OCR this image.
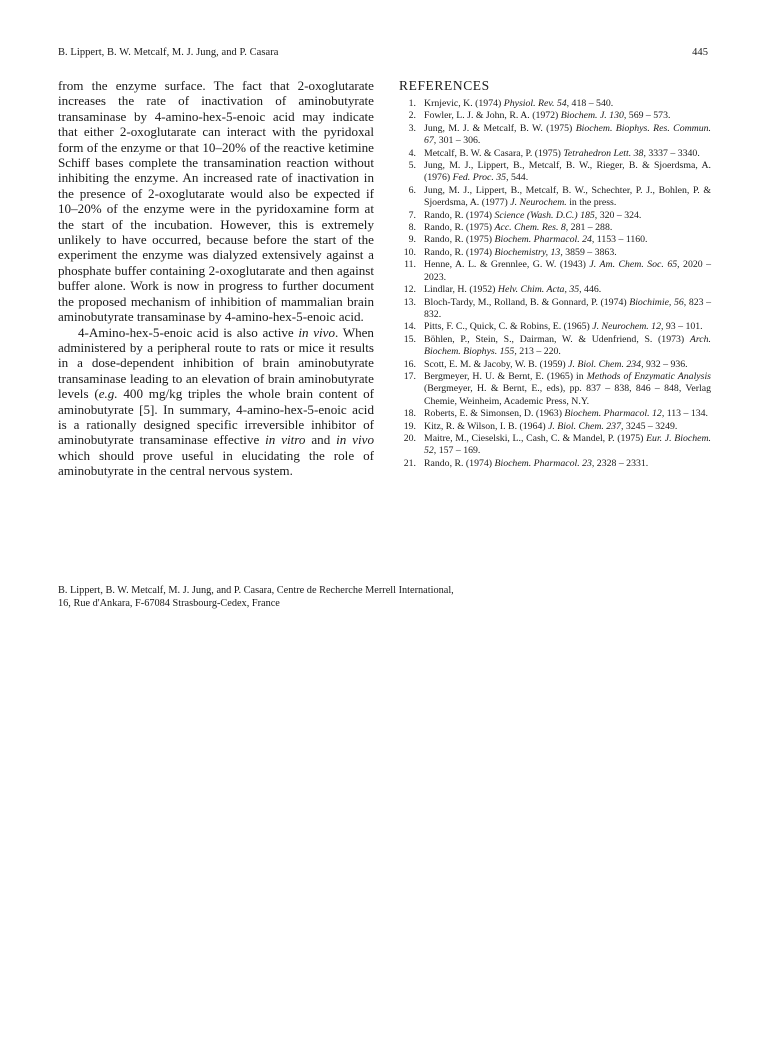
B. Lippert, B. W. Metcalf, M. J. Jung, and P. Casara	445

from the enzyme surface. The fact that 2-oxoglutarate increases the rate of inactivation of aminobutyrate transaminase by 4-amino-hex-5-enoic acid may indicate that either 2-oxoglutarate can interact with the pyridoxal form of the enzyme or that 10–20% of the reactive ketimine Schiff bases complete the transamination reaction without inhibiting the enzyme. An increased rate of inactivation in the presence of 2-oxoglutarate would also be expected if 10–20% of the enzyme were in the pyridoxamine form at the start of the incubation. However, this is extremely unlikely to have occurred, because before the start of the experiment the enzyme was dialyzed extensively against a phosphate buffer containing 2-oxoglutarate and then against buffer alone. Work is now in progress to further document the proposed mechanism of inhibition of mammalian brain aminobutyrate transaminase by 4-amino-hex-5-enoic acid.

4-Amino-hex-5-enoic acid is also active in vivo. When administered by a peripheral route to rats or mice it results in a dose-dependent inhibition of brain aminobutyrate transaminase leading to an elevation of brain aminobutyrate levels (e.g. 400 mg/kg triples the whole brain content of aminobutyrate [5]. In summary, 4-amino-hex-5-enoic acid is a rationally designed specific irreversible inhibitor of aminobutyrate transaminase effective in vitro and in vivo which should prove useful in elucidating the role of aminobutyrate in the central nervous system.

REFERENCES
1. Krnjevic, K. (1974) Physiol. Rev. 54, 418 – 540.
2. Fowler, L. J. & John, R. A. (1972) Biochem. J. 130, 569 – 573.
3. Jung, M. J. & Metcalf, B. W. (1975) Biochem. Biophys. Res. Commun. 67, 301 – 306.
4. Metcalf, B. W. & Casara, P. (1975) Tetrahedron Lett. 38, 3337 – 3340.
5. Jung, M. J., Lippert, B., Metcalf, B. W., Rieger, B. & Sjoerdsma, A. (1976) Fed. Proc. 35, 544.
6. Jung, M. J., Lippert, B., Metcalf, B. W., Schechter, P. J., Bohlen, P. & Sjoerdsma, A. (1977) J. Neurochem. in the press.
7. Rando, R. (1974) Science (Wash. D.C.) 185, 320 – 324.
8. Rando, R. (1975) Acc. Chem. Res. 8, 281 – 288.
9. Rando, R. (1975) Biochem. Pharmacol. 24, 1153 – 1160.
10. Rando, R. (1974) Biochemistry, 13, 3859 – 3863.
11. Henne, A. L. & Grennlee, G. W. (1943) J. Am. Chem. Soc. 65, 2020 – 2023.
12. Lindlar, H. (1952) Helv. Chim. Acta, 35, 446.
13. Bloch-Tardy, M., Rolland, B. & Gonnard, P. (1974) Biochimie, 56, 823 – 832.
14. Pitts, F. C., Quick, C. & Robins, E. (1965) J. Neurochem. 12, 93 – 101.
15. Böhlen, P., Stein, S., Dairman, W. & Udenfriend, S. (1973) Arch. Biochem. Biophys. 155, 213 – 220.
16. Scott, E. M. & Jacoby, W. B. (1959) J. Biol. Chem. 234, 932 – 936.
17. Bergmeyer, H. U. & Bernt, E. (1965) in Methods of Enzymatic Analysis (Bergmeyer, H. & Bernt, E., eds), pp. 837 – 838, 846 – 848, Verlag Chemie, Weinheim, Academic Press, N.Y.
18. Roberts, E. & Simonsen, D. (1963) Biochem. Pharmacol. 12, 113 – 134.
19. Kitz, R. & Wilson, I. B. (1964) J. Biol. Chem. 237, 3245 – 3249.
20. Maitre, M., Cieselski, L., Cash, C. & Mandel, P. (1975) Eur. J. Biochem. 52, 157 – 169.
21. Rando, R. (1974) Biochem. Pharmacol. 23, 2328 – 2331.
B. Lippert, B. W. Metcalf, M. J. Jung, and P. Casara, Centre de Recherche Merrell International,
16, Rue d'Ankara, F-67084 Strasbourg-Cedex, France
